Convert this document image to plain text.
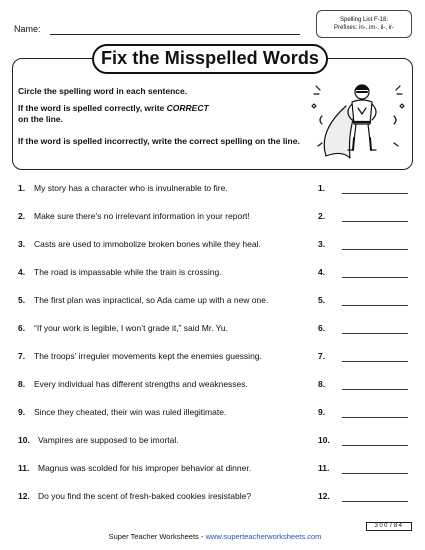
Name:
Spelling List F-18:
Prefixes: in-, im-, il-, ir-
Fix the Misspelled Words
Circle the spelling word in each sentence.
If the word is spelled correctly, write CORRECT
on the line.
If the word is spelled incorrectly, write the correct spelling on the line.
1. My story has a character who is invulnerable to fire.	1.
2. Make sure there’s no irrelevant information in your report!	2.
3. Casts are used to immobolize broken bones while they heal.	3.
4. The road is impassable while the train is crossing.	4.
5. The first plan was inpractical, so Ada came up with a new one.	5.
6. “If your work is legible, I won’t grade it,” said Mr. Yu.	6.
7. The troops’ irreguler movements kept the enemies guessing.	7.
8. Every individual has different strengths and weaknesses.	8.
9. Since they cheated, their win was ruled illegitimate.	9.
10. Vampires are supposed to be imortal.	10.
11. Magnus was scolded for his improper behavior at dinner.	11.
12. Do you find the scent of fresh-baked cookies iresistable?	12.
300784
Super Teacher Worksheets - www.superteacherworksheets.com
